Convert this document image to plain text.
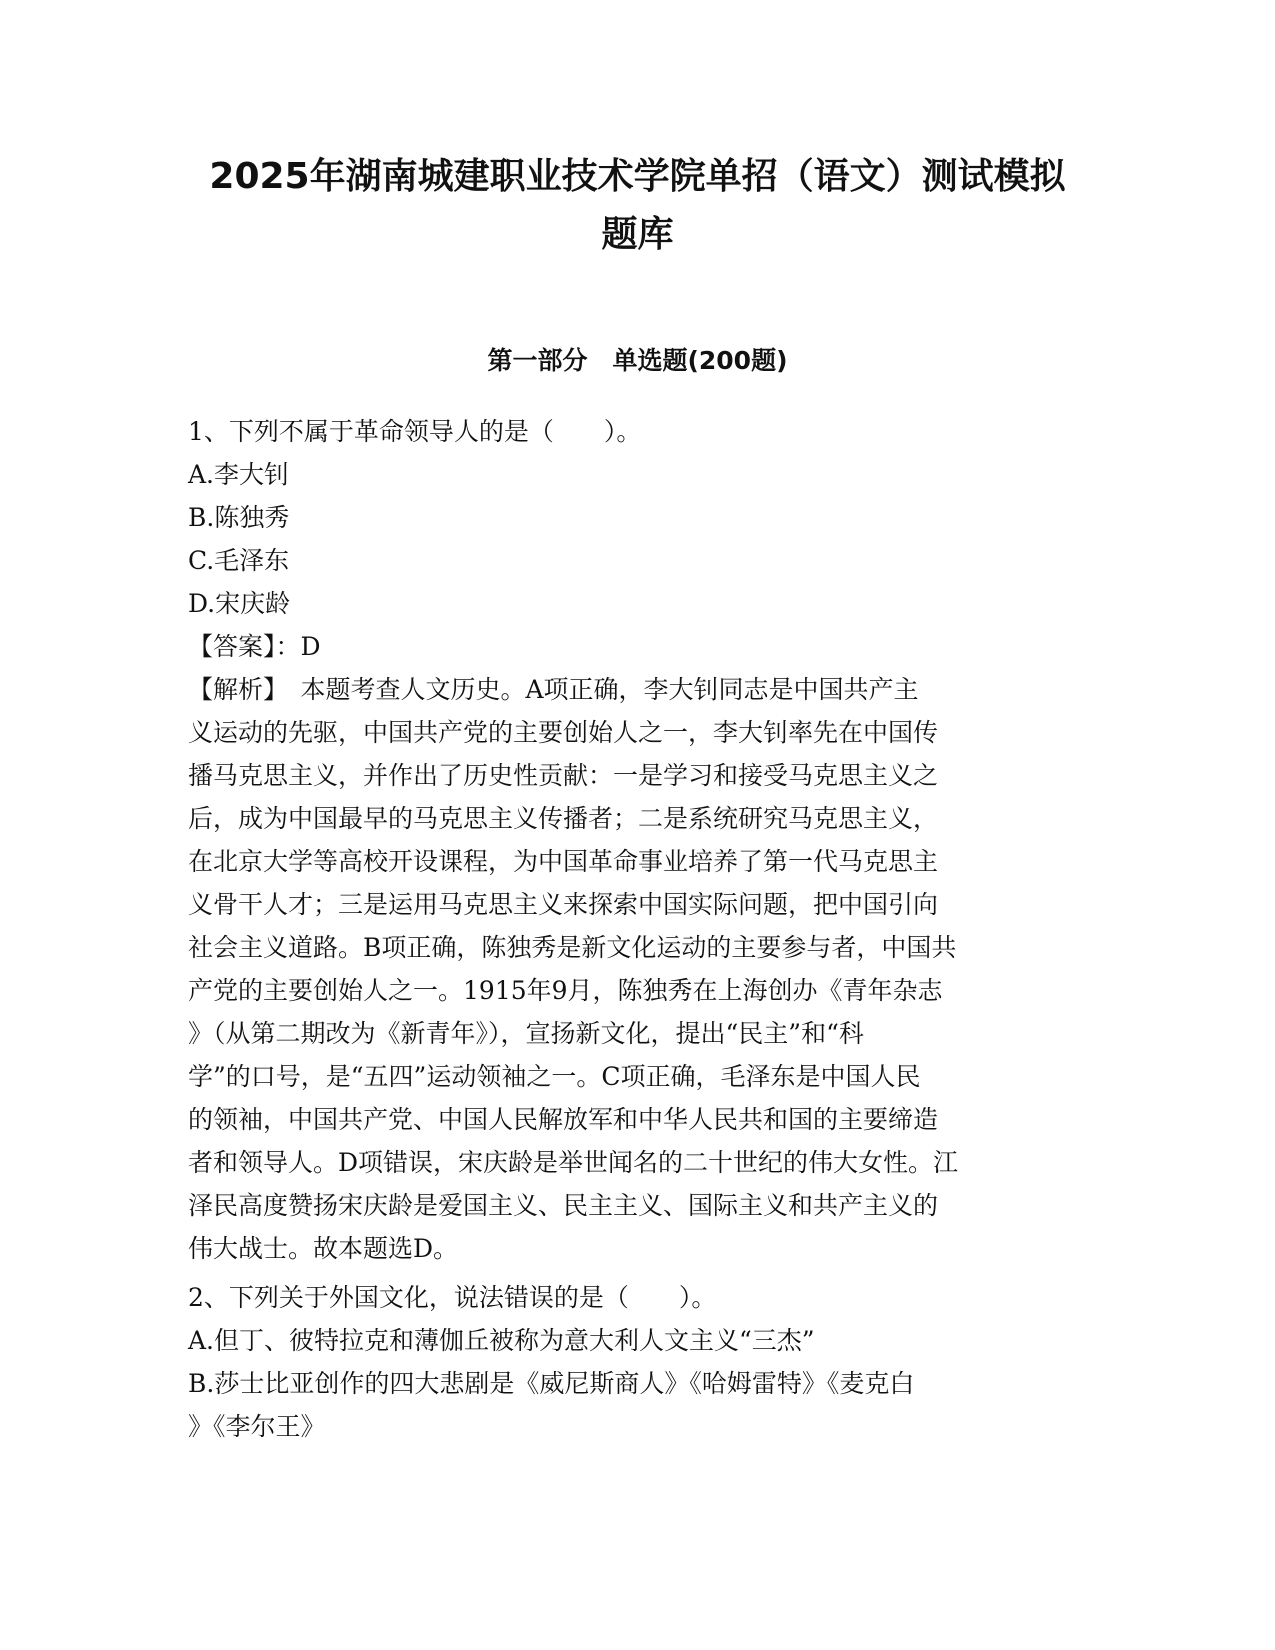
2025年湖南城建职业技术学院单招（语文）测试模拟
题库
第一部分　单选题(200题)
1、下列不属于革命领导人的是（　　）。
A.李大钊
B.陈独秀
C.毛泽东
D.宋庆龄
【答案】：D
【解析】　本题考查人文历史。A项正确，李大钊同志是中国共产主
义运动的先驱，中国共产党的主要创始人之一，李大钊率先在中国传
播马克思主义，并作出了历史性贡献：一是学习和接受马克思主义之
后，成为中国最早的马克思主义传播者；二是系统研究马克思主义，
在北京大学等高校开设课程，为中国革命事业培养了第一代马克思主
义骨干人才；三是运用马克思主义来探索中国实际问题，把中国引向
社会主义道路。B项正确，陈独秀是新文化运动的主要参与者，中国共
产党的主要创始人之一。1915年9月，陈独秀在上海创办《青年杂志
》（从第二期改为《新青年》），宣扬新文化，提出“民主”和“科
学”的口号，是“五四”运动领袖之一。C项正确，毛泽东是中国人民
的领袖，中国共产党、中国人民解放军和中华人民共和国的主要缔造
者和领导人。D项错误，宋庆龄是举世闻名的二十世纪的伟大女性。江
泽民高度赞扬宋庆龄是爱国主义、民主主义、国际主义和共产主义的
伟大战士。故本题选D。
2、下列关于外国文化，说法错误的是（　　）。
A.但丁、彼特拉克和薄伽丘被称为意大利人文主义“三杰”
B.莎士比亚创作的四大悲剧是《威尼斯商人》《哈姆雷特》《麦克白
》《李尔王》
